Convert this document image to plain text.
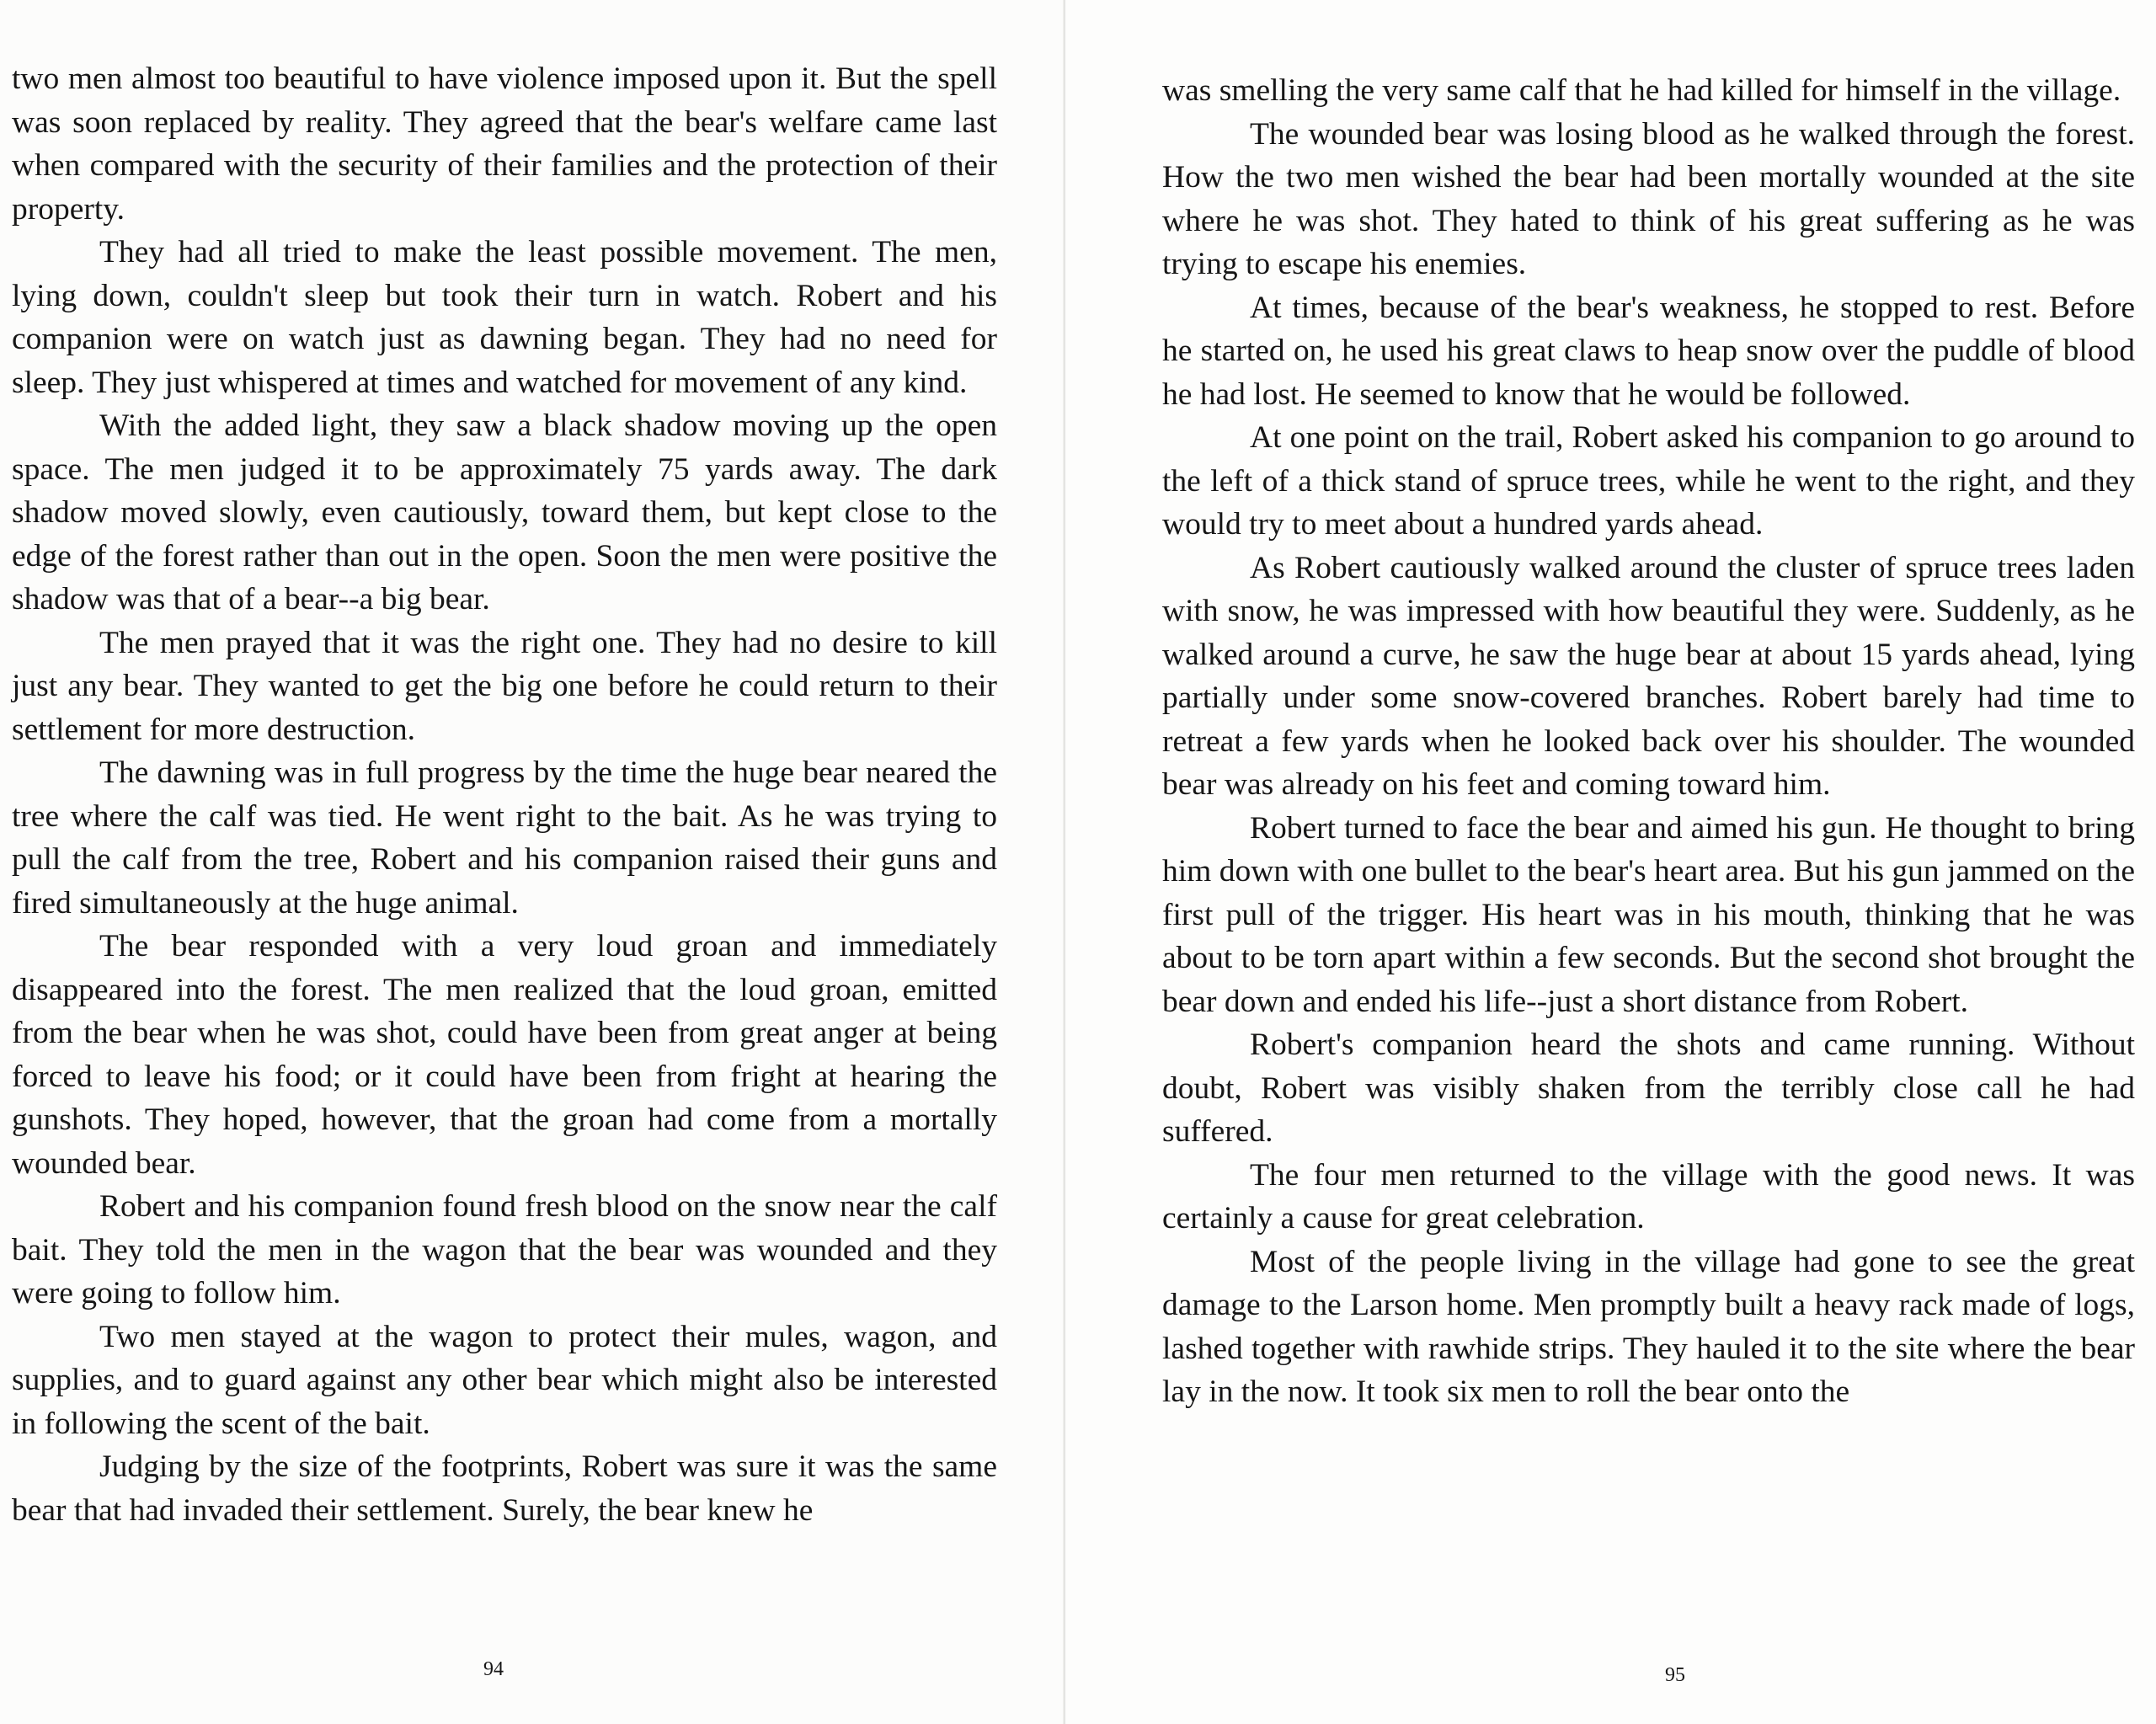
two men almost too beautiful to have violence imposed upon it. But the spell was soon replaced by reality. They agreed that the bear's welfare came last when compared with the security of their families and the protection of their property.

They had all tried to make the least possible movement. The men, lying down, couldn't sleep but took their turn in watch. Robert and his companion were on watch just as dawning began. They had no need for sleep. They just whispered at times and watched for movement of any kind.

With the added light, they saw a black shadow moving up the open space. The men judged it to be approximately 75 yards away. The dark shadow moved slowly, even cautiously, toward them, but kept close to the edge of the forest rather than out in the open. Soon the men were positive the shadow was that of a bear--a big bear.

The men prayed that it was the right one. They had no desire to kill just any bear. They wanted to get the big one before he could return to their settlement for more destruction.

The dawning was in full progress by the time the huge bear neared the tree where the calf was tied. He went right to the bait. As he was trying to pull the calf from the tree, Robert and his companion raised their guns and fired simultaneously at the huge animal.

The bear responded with a very loud groan and immediately disappeared into the forest. The men realized that the loud groan, emitted from the bear when he was shot, could have been from great anger at being forced to leave his food; or it could have been from fright at hearing the gunshots. They hoped, however, that the groan had come from a mortally wounded bear.

Robert and his companion found fresh blood on the snow near the calf bait. They told the men in the wagon that the bear was wounded and they were going to follow him.

Two men stayed at the wagon to protect their mules, wagon, and supplies, and to guard against any other bear which might also be interested in following the scent of the bait.

Judging by the size of the footprints, Robert was sure it was the same bear that had invaded their settlement. Surely, the bear knew he

94

was smelling the very same calf that he had killed for himself in the village.

The wounded bear was losing blood as he walked through the forest. How the two men wished the bear had been mortally wounded at the site where he was shot. They hated to think of his great suffering as he was trying to escape his enemies.

At times, because of the bear's weakness, he stopped to rest. Before he started on, he used his great claws to heap snow over the puddle of blood he had lost. He seemed to know that he would be followed.

At one point on the trail, Robert asked his companion to go around to the left of a thick stand of spruce trees, while he went to the right, and they would try to meet about a hundred yards ahead.

As Robert cautiously walked around the cluster of spruce trees laden with snow, he was impressed with how beautiful they were. Suddenly, as he walked around a curve, he saw the huge bear at about 15 yards ahead, lying partially under some snow-covered branches. Robert barely had time to retreat a few yards when he looked back over his shoulder. The wounded bear was already on his feet and coming toward him.

Robert turned to face the bear and aimed his gun. He thought to bring him down with one bullet to the bear's heart area. But his gun jammed on the first pull of the trigger. His heart was in his mouth, thinking that he was about to be torn apart within a few seconds. But the second shot brought the bear down and ended his life--just a short distance from Robert.

Robert's companion heard the shots and came running. Without doubt, Robert was visibly shaken from the terribly close call he had suffered.

The four men returned to the village with the good news. It was certainly a cause for great celebration.

Most of the people living in the village had gone to see the great damage to the Larson home. Men promptly built a heavy rack made of logs, lashed together with rawhide strips. They hauled it to the site where the bear lay in the now. It took six men to roll the bear onto the

95
